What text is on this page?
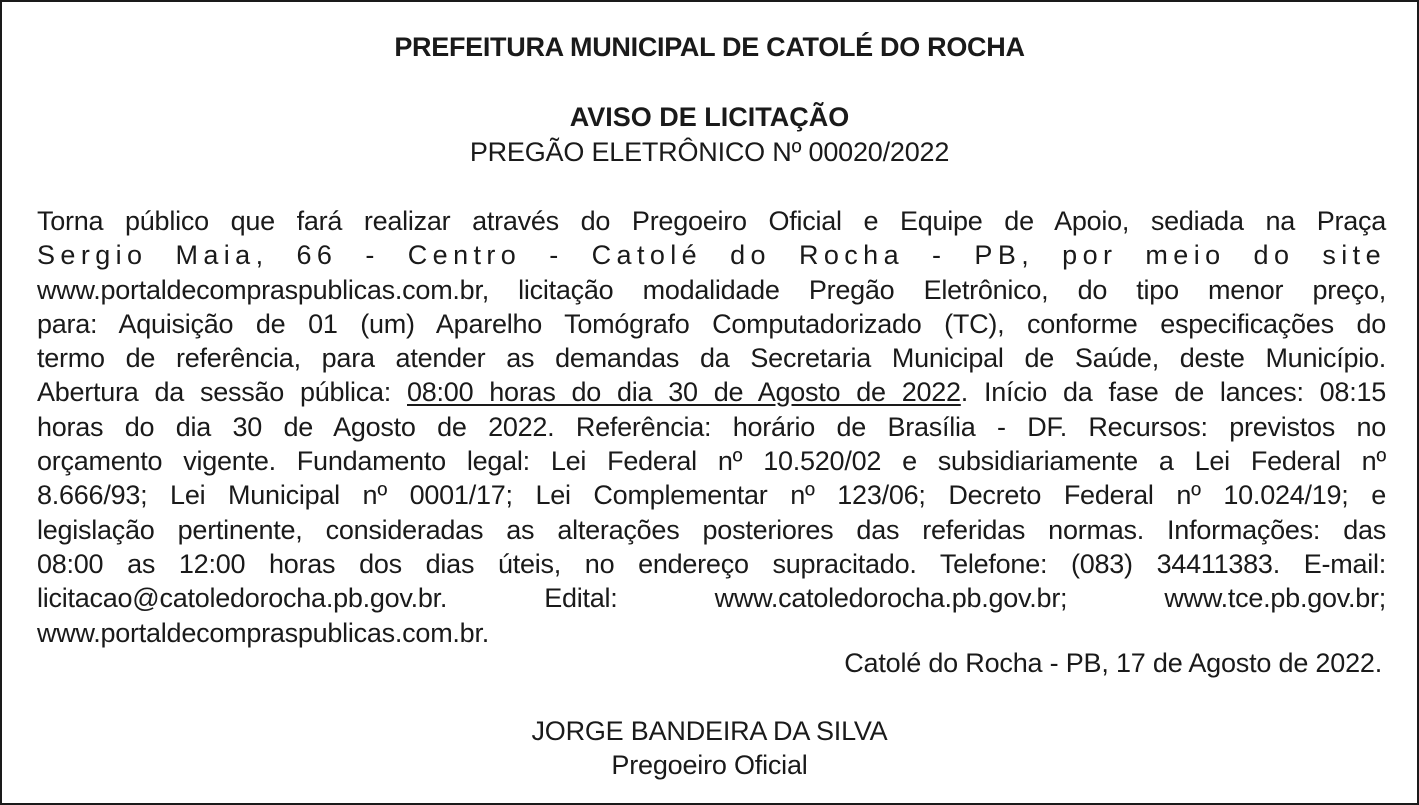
PREFEITURA MUNICIPAL DE CATOLÉ DO ROCHA
AVISO DE LICITAÇÃO
PREGÃO ELETRÔNICO Nº 00020/2022
Torna público que fará realizar através do Pregoeiro Oficial e Equipe de Apoio, sediada na Praça
Sergio Maia, 66 - Centro - Catolé do Rocha - PB, por meio do site
www.portaldecompraspublicas.com.br, licitação modalidade Pregão Eletrônico, do tipo menor preço,
para: Aquisição de 01 (um) Aparelho Tomógrafo Computadorizado (TC), conforme especificações do
termo de referência, para atender as demandas da Secretaria Municipal de Saúde, deste Município.
Abertura da sessão pública: 08:00 horas do dia 30 de Agosto de 2022. Início da fase de lances: 08:15
horas do dia 30 de Agosto de 2022. Referência: horário de Brasília - DF. Recursos: previstos no
orçamento vigente. Fundamento legal: Lei Federal nº 10.520/02 e subsidiariamente a Lei Federal nº
8.666/93; Lei Municipal nº 0001/17; Lei Complementar nº 123/06; Decreto Federal nº 10.024/19; e
legislação pertinente, consideradas as alterações posteriores das referidas normas. Informações: das
08:00 as 12:00 horas dos dias úteis, no endereço supracitado. Telefone: (083) 34411383. E-mail:
licitacao@catoledorocha.pb.gov.br. Edital: www.catoledorocha.pb.gov.br; www.tce.pb.gov.br;
www.portaldecompraspublicas.com.br.
Catolé do Rocha - PB, 17 de Agosto de 2022.
JORGE BANDEIRA DA SILVA
Pregoeiro Oficial
